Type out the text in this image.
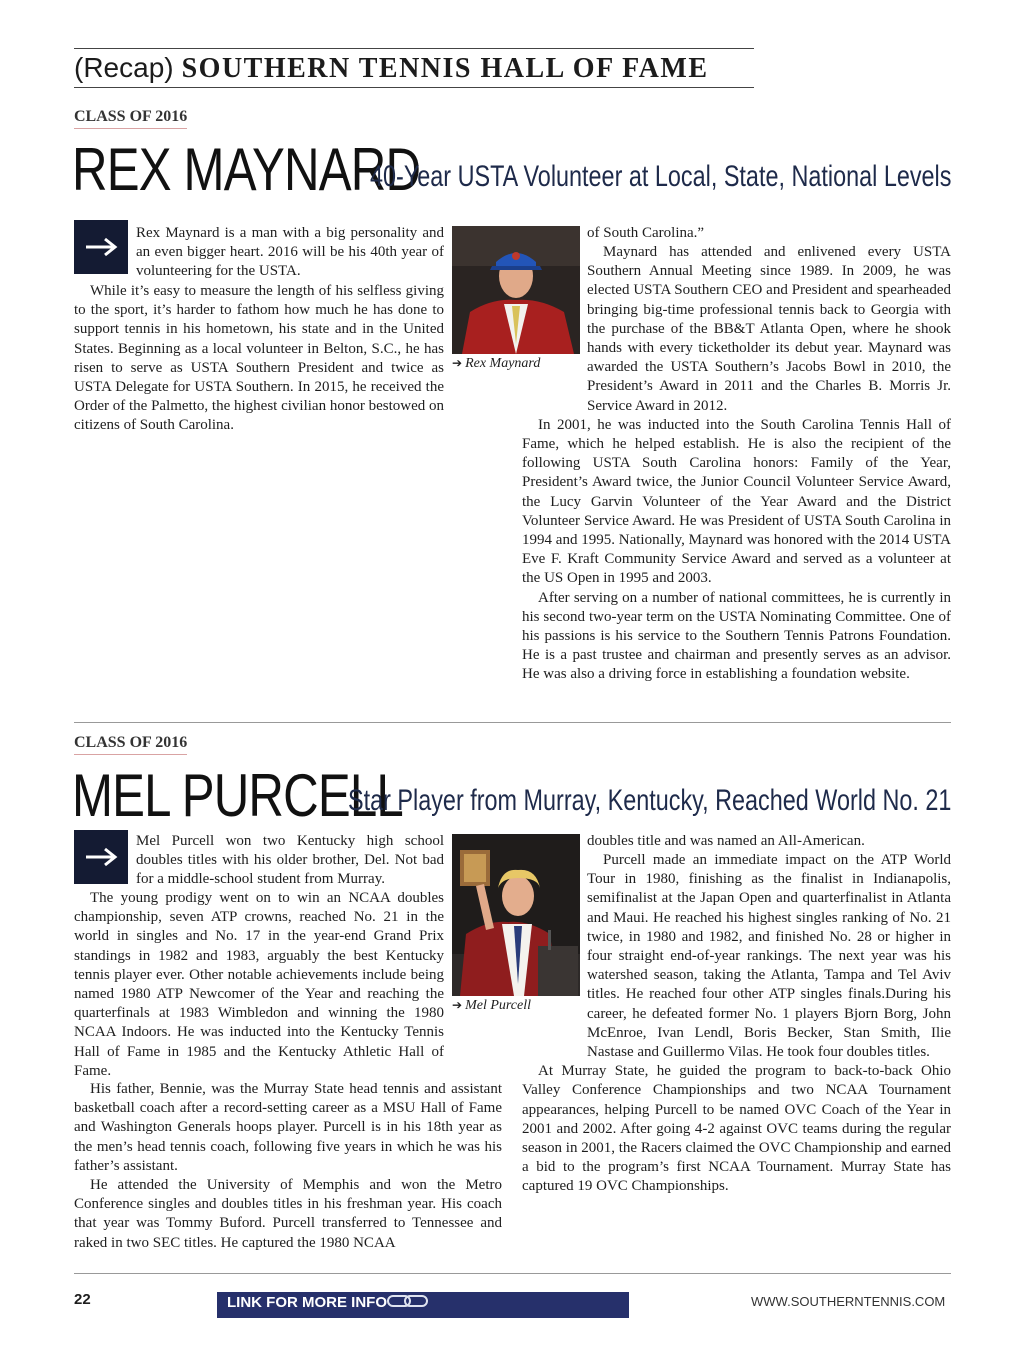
(Recap) SOUTHERN TENNIS HALL OF FAME
CLASS OF 2016
REX MAYNARD
40-Year USTA Volunteer at Local, State, National Levels

Rex Maynard is a man with a big personality and an even bigger heart. 2016 will be his 40th year of volunteering for the USTA.

While it’s easy to measure the length of his selfless giving to the sport, it’s harder to fathom how much he has done to support tennis in his hometown, his state and in the United States. Beginning as a local volunteer in Belton, S.C., he has risen to serve as USTA Southern President and twice as USTA Delegate for USTA Southern. In 2015, he received the Order of the Palmetto, the highest civilian honor bestowed on citizens of South Carolina.

➔ Rex Maynard

of South Carolina.”

Maynard has attended and enlivened every USTA Southern Annual Meeting since 1989. In 2009, he was elected USTA Southern CEO and President and spearheaded bringing big-time professional tennis back to Georgia with the purchase of the BB&T Atlanta Open, where he shook hands with every ticketholder its debut year. Maynard was awarded the USTA Southern’s Jacobs Bowl in 2010, the President’s Award in 2011 and the Charles B. Morris Jr. Service Award in 2012.

In 2001, he was inducted into the South Carolina Tennis Hall of Fame, which he helped establish. He is also the recipient of the following USTA South Carolina honors: Family of the Year, President’s Award twice, the Junior Council Volunteer Service Award, the Lucy Garvin Volunteer of the Year Award and the District Volunteer Service Award. He was President of USTA South Carolina in 1994 and 1995. Nationally, Maynard was honored with the 2014 USTA Eve F. Kraft Community Service Award and served as a volunteer at the US Open in 1995 and 2003.

After serving on a number of national committees, he is currently in his second two-year term on the USTA Nominating Committee. One of his passions is his service to the Southern Tennis Patrons Foundation. He is a past trustee and chairman and presently serves as an advisor. He was also a driving force in establishing a foundation website.

CLASS OF 2016
MEL PURCELL
Star Player from Murray, Kentucky, Reached World No. 21

Mel Purcell won two Kentucky high school doubles titles with his older brother, Del. Not bad for a middle-school student from Murray.

The young prodigy went on to win an NCAA doubles championship, seven ATP crowns, reached No. 21 in the world in singles and No. 17 in the year-end Grand Prix standings in 1982 and 1983, arguably the best Kentucky tennis player ever. Other notable achievements include being named 1980 ATP Newcomer of the Year and reaching the quarterfinals at 1983 Wimbledon and winning the 1980 NCAA Indoors. He was inducted into the Kentucky Tennis Hall of Fame in 1985 and the Kentucky Athletic Hall of Fame.

➔ Mel Purcell

His father, Bennie, was the Murray State head tennis and assistant basketball coach after a record-setting career as a MSU Hall of Fame and Washington Generals hoops player. Purcell is in his 18th year as the men’s head tennis coach, following five years in which he was his father’s assistant.

He attended the University of Memphis and won the Metro Conference singles and doubles titles in his freshman year. His coach that year was Tommy Buford. Purcell transferred to Tennessee and raked in two SEC titles. He captured the 1980 NCAA

doubles title and was named an All-American.

Purcell made an immediate impact on the ATP World Tour in 1980, finishing as the finalist in Indianapolis, semifinalist at the Japan Open and quarterfinalist in Atlanta and Maui. He reached his highest singles ranking of No. 21 twice, in 1980 and 1982, and finished No. 28 or higher in four straight end-of-year rankings. The next year was his watershed season, taking the Atlanta, Tampa and Tel Aviv titles. He reached four other ATP singles finals.During his career, he defeated former No. 1 players Bjorn Borg, John McEnroe, Ivan Lendl, Boris Becker, Stan Smith, Ilie Nastase and Guillermo Vilas. He took four doubles titles.

At Murray State, he guided the program to back-to-back Ohio Valley Conference Championships and two NCAA Tournament appearances, helping Purcell to be named OVC Coach of the Year in 2001 and 2002. After going 4-2 against OVC teams during the regular season in 2001, the Racers claimed the OVC Championship and earned a bid to the program’s first NCAA Tournament. Murray State has captured 19 OVC Championships.

22	LINK FOR MORE INFO	WWW.SOUTHERNTENNIS.COM
